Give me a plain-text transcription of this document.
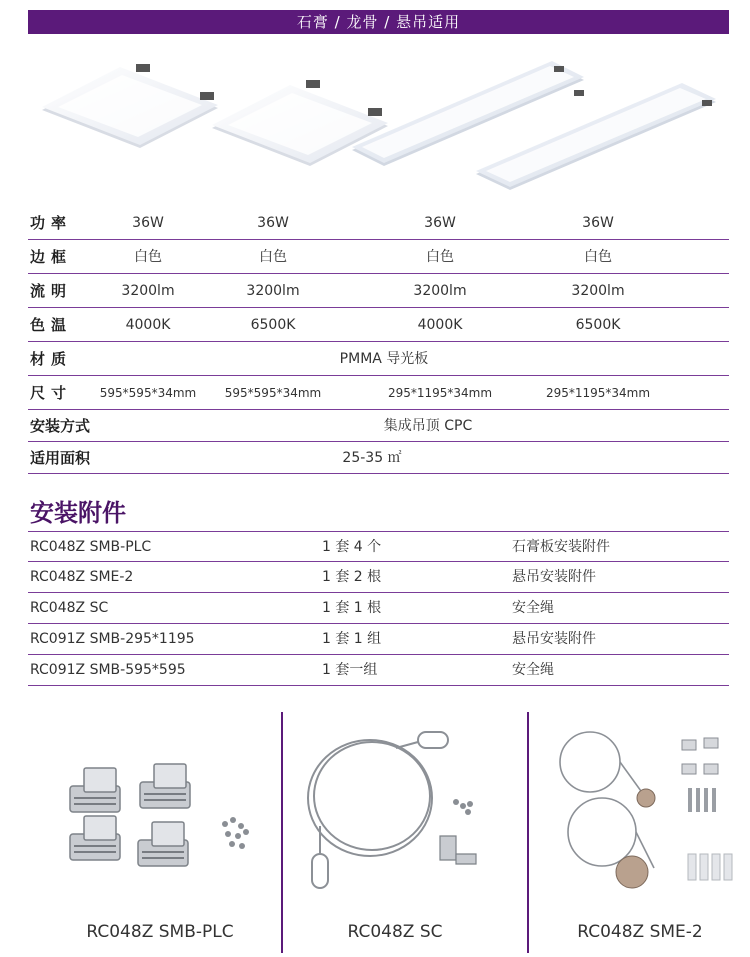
石膏 / 龙骨 / 悬吊适用
功率	36W	36W	36W	36W
边框	白色	白色	白色	白色
流明	3200lm	3200lm	3200lm	3200lm
色温	4000K	6500K	4000K	6500K
材质	PMMA 导光板
尺寸 595*595*34mm 595*595*34mm	295*1195*34mm	295*1195*34mm
安装方式	集成吊顶 CPC
适用面积	25-35 ㎡
安装附件
RC048Z SMB-PLC	1 套 4 个	石膏板安装附件
RC048Z SME-2	1 套 2 根	悬吊安装附件
RC048Z SC	1 套 1 根	安全绳
RC091Z SMB-295*1195	1 套 1 组	悬吊安装附件
RC091Z SMB-595*595	1 套一组	安全绳
RC048Z SMB-PLC	RC048Z SC	RC048Z SME-2
